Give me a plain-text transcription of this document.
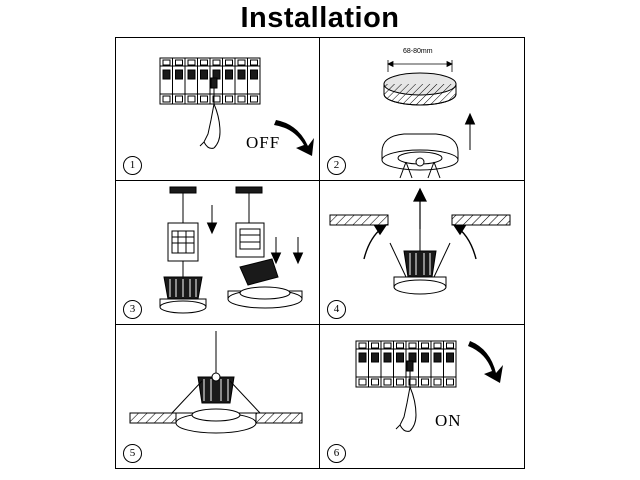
Installation
OFF
1
68-80mm
2
3	4
5
ON
6
